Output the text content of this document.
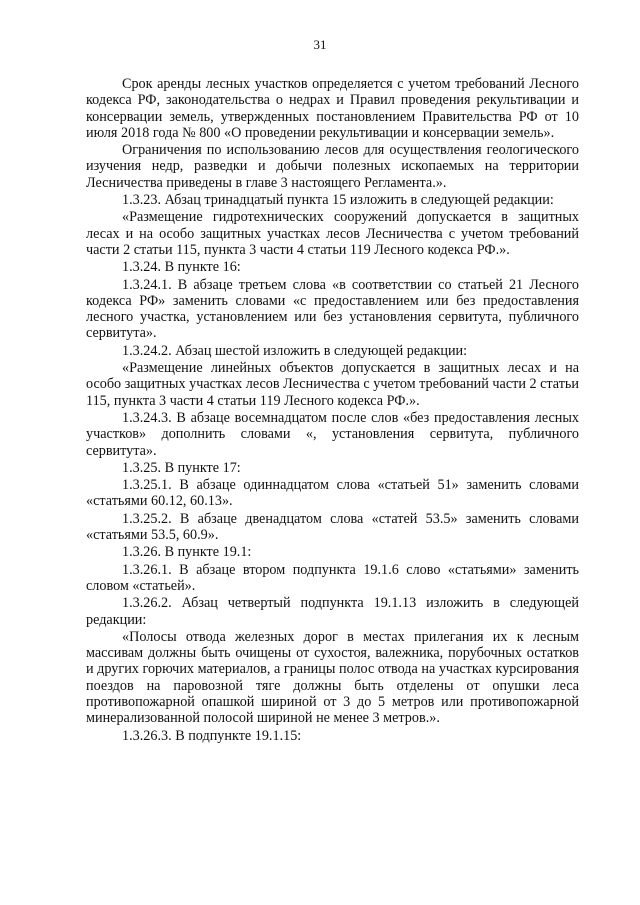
31

Срок аренды лесных участков определяется с учетом требований Лесного кодекса РФ, законодательства о недрах и Правил проведения рекультивации и консервации земель, утвержденных постановлением Правительства РФ от 10 июля 2018 года № 800 «О проведении рекультивации и консервации земель».

Ограничения по использованию лесов для осуществления геологического изучения недр, разведки и добычи полезных ископаемых на территории Лесничества приведены в главе 3 настоящего Регламента.».

1.3.23. Абзац тринадцатый пункта 15 изложить в следующей редакции:

«Размещение гидротехнических сооружений допускается в защитных лесах и на особо защитных участках лесов Лесничества с учетом требований части 2 статьи 115, пункта 3 части 4 статьи 119 Лесного кодекса РФ.».

1.3.24. В пункте 16:

1.3.24.1. В абзаце третьем слова «в соответствии со статьей 21 Лесного кодекса РФ» заменить словами «с предоставлением или без предоставления лесного участка, установлением или без установления сервитута, публичного сервитута».

1.3.24.2. Абзац шестой изложить в следующей редакции:

«Размещение линейных объектов допускается в защитных лесах и на особо защитных участках лесов Лесничества с учетом требований части 2 статьи 115, пункта 3 части 4 статьи 119 Лесного кодекса РФ.».

1.3.24.3. В абзаце восемнадцатом после слов «без предоставления лесных участков» дополнить словами «, установления сервитута, публичного сервитута».

1.3.25. В пункте 17:

1.3.25.1. В абзаце одиннадцатом слова «статьей 51» заменить словами «статьями 60.12, 60.13».

1.3.25.2. В абзаце двенадцатом слова «статей 53.5» заменить словами «статьями 53.5, 60.9».

1.3.26. В пункте 19.1:

1.3.26.1. В абзаце втором подпункта 19.1.6 слово «статьями» заменить словом «статьей».

1.3.26.2. Абзац четвертый подпункта 19.1.13 изложить в следующей редакции:

«Полосы отвода железных дорог в местах прилегания их к лесным массивам должны быть очищены от сухостоя, валежника, порубочных остатков и других горючих материалов, а границы полос отвода на участках курсирования поездов на паровозной тяге должны быть отделены от опушки леса противопожарной опашкой шириной от 3 до 5 метров или противопожарной минерализованной полосой шириной не менее 3 метров.».

1.3.26.3. В подпункте 19.1.15:
